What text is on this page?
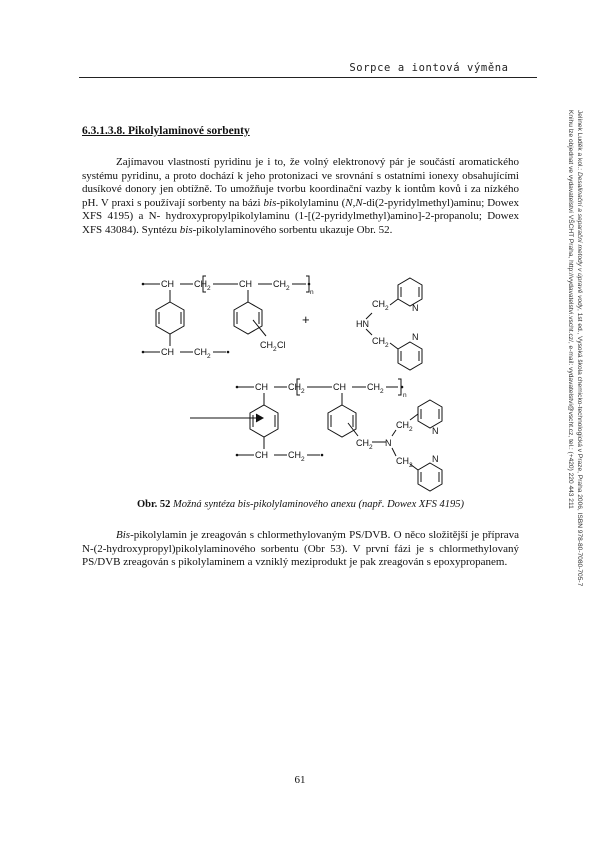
Sorpce a iontová výměna
6.3.1.3.8. Pikolylaminové sorbenty

Zajímavou vlastností pyridinu je i to, že volný elektronový pár je součástí aromatického systému pyridinu, a proto dochází k jeho protonizaci ve srovnání s ostatními ionexy obsahujícími dusíkové donory jen obtížně. To umožňuje tvorbu koordinační vazby k iontům kovů i za nízkého pH. V praxi s používají sorbenty na bázi bis-pikolylaminu (N,N-di(2-pyridylmethyl)aminu; Dowex XFS 4195) a N- hydroxypropylpikolylaminu (1-[(2-pyridylmethyl)amino]-2-propanolu; Dowex XFS 43084). Syntézu bis-pikolylaminového sorbentu ukazuje Obr. 52.

CH CH 2	CH CH 2
n
CH CH 2
CH 2 Cl
+
CH 2	N
HN
CH 2
N
CH CH 2	CH CH 2
n
CH CH 2
CH 2 N
CH 2 N
CH 2
N
Obr. 52 Možná syntéza bis-pikolylaminového anexu (např. Dowex XFS 4195)

Bis-pikolylamin je zreagován s chlormethylovaným PS/DVB. O něco složitější je příprava N-(2-hydroxypropyl)pikolylaminového sorbentu (Obr 53). V první fázi je s chlormethylovaný PS/DVB zreagován s pikolylaminem a vzniklý meziprodukt je pak zreagován s epoxypropanem.

Jelínek Luděk a kol.: Desalinační a separační metody v úpravě vody, 1st ed., Vysoká škola chemicko-technologická v Praze, Praha 2006, ISBN 978-80-7080-705-7
Knihu lze objednat ve vydavatelství VŠCHT Praha, http://vydavatelstvi.vscht.cz/, e-mail: vydavatelstvi@vscht.cz, tel.: (+420) 220 443 211
61
